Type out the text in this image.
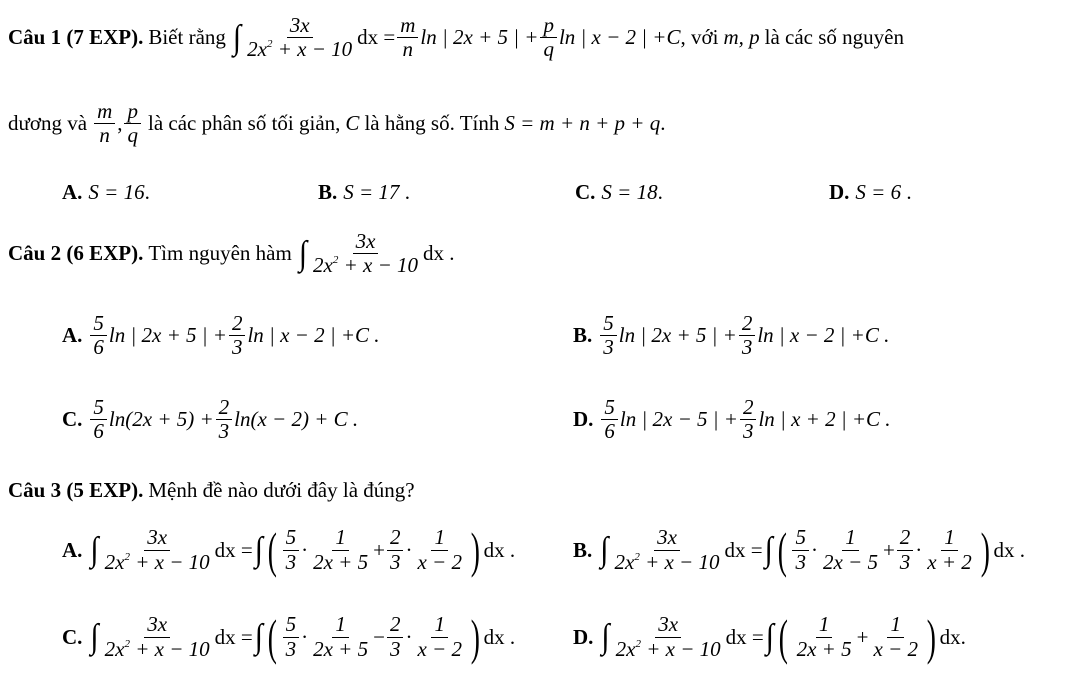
Câu 1 (7 EXP). Biết rằng ∫ $\frac{3x}{2x^2 + x - 10}$ dx = $\frac{m}{n}$ ln | 2x + 5 | + $\frac{p}{q}$ ln | x − 2 | +C , với m, p là các số nguyên
dương và $\frac{m}{n}$ , $\frac{p}{q}$ là các phân số tối giản, C là hằng số. Tính S = m + n + p + q .
A. S = 16 .	B. S = 17 .	C. S = 18 .	D. S = 6 .
Câu 2 (6 EXP). Tìm nguyên hàm ∫ $\frac{3x}{2x^2 + x - 10}$ dx .
A. $\frac{5}{6}$ ln | 2x + 5 | + $\frac{2}{3}$ ln | x − 2 | +C .	B. $\frac{5}{3}$ ln | 2x + 5 | + $\frac{2}{3}$ ln | x − 2 | +C .
C. $\frac{5}{6} \ln(2x + 5) + \frac{2}{3} \ln(x - 2) + C$ .	D. $\frac{5}{6}$ ln | 2x − 5 | + $\frac{2}{3}$ ln | x + 2 | +C .
Câu 3 (5 EXP). Mệnh đề nào dưới đây là đúng?
A. ∫ $\frac{3x}{2x^2 + x - 10}$ dx = ∫ ( $\frac{5}{3} \cdot \frac{1}{2x + 5} + \frac{2}{3} \cdot \frac{1}{x - 2}$ ) dx .	B. ∫ $\frac{3x}{2x^2 + x - 10}$ dx = ∫ ( $\frac{5}{3} \cdot \frac{1}{2x - 5} + \frac{2}{3} \cdot \frac{1}{x + 2}$ ) dx .
C. ∫ $\frac{3x}{2x^2 + x - 10}$ dx = ∫ ( $\frac{5}{3} \cdot \frac{1}{2x + 5} - \frac{2}{3} \cdot \frac{1}{x - 2}$ ) dx .	D. ∫ $\frac{3x}{2x^2 + x - 10}$ dx = ∫ ( $\frac{1}{2x + 5} + \frac{1}{x - 2}$ ) dx .
